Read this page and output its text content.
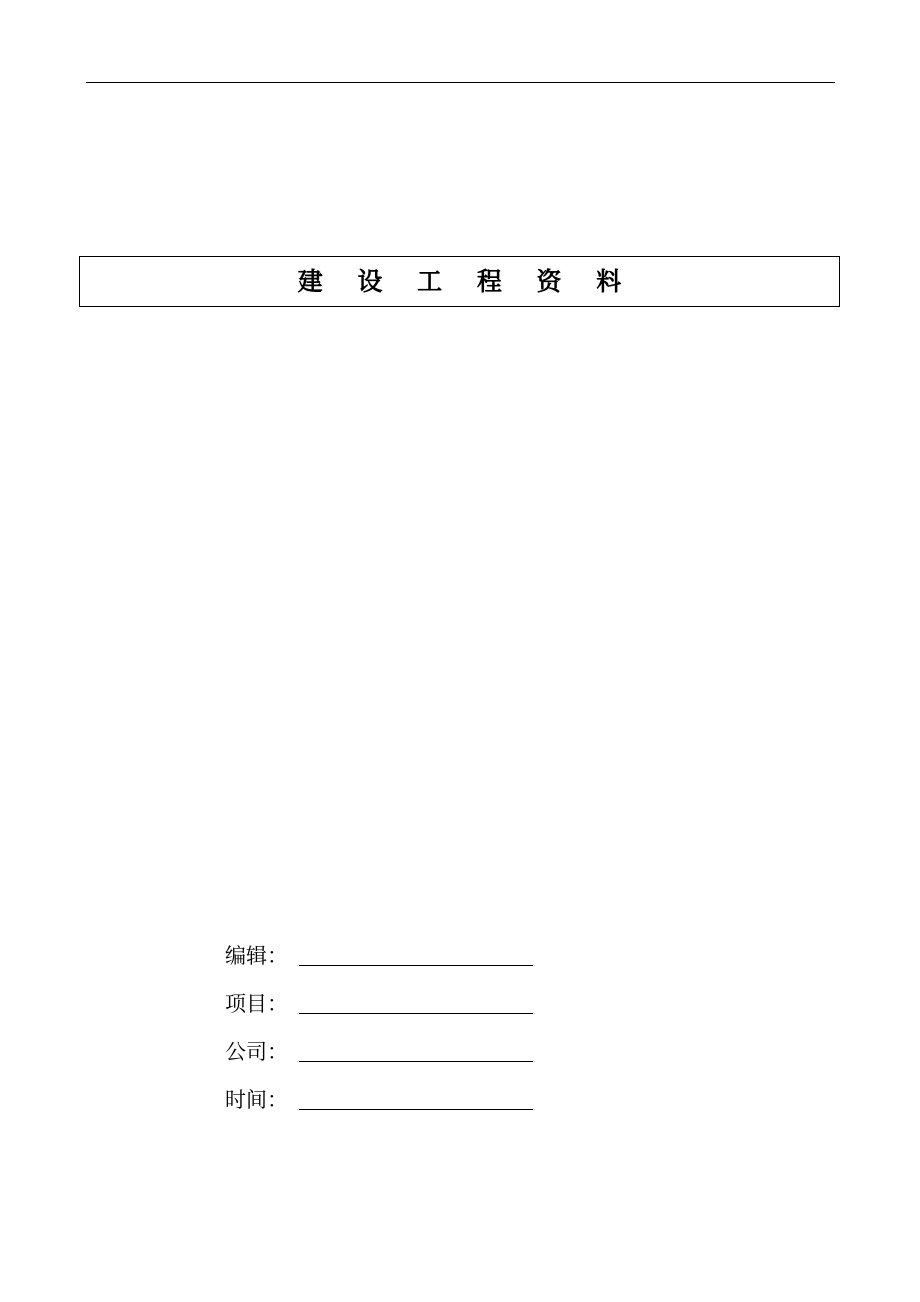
建 设 工 程 资 料
编辑：
项目：
公司：
时间：
